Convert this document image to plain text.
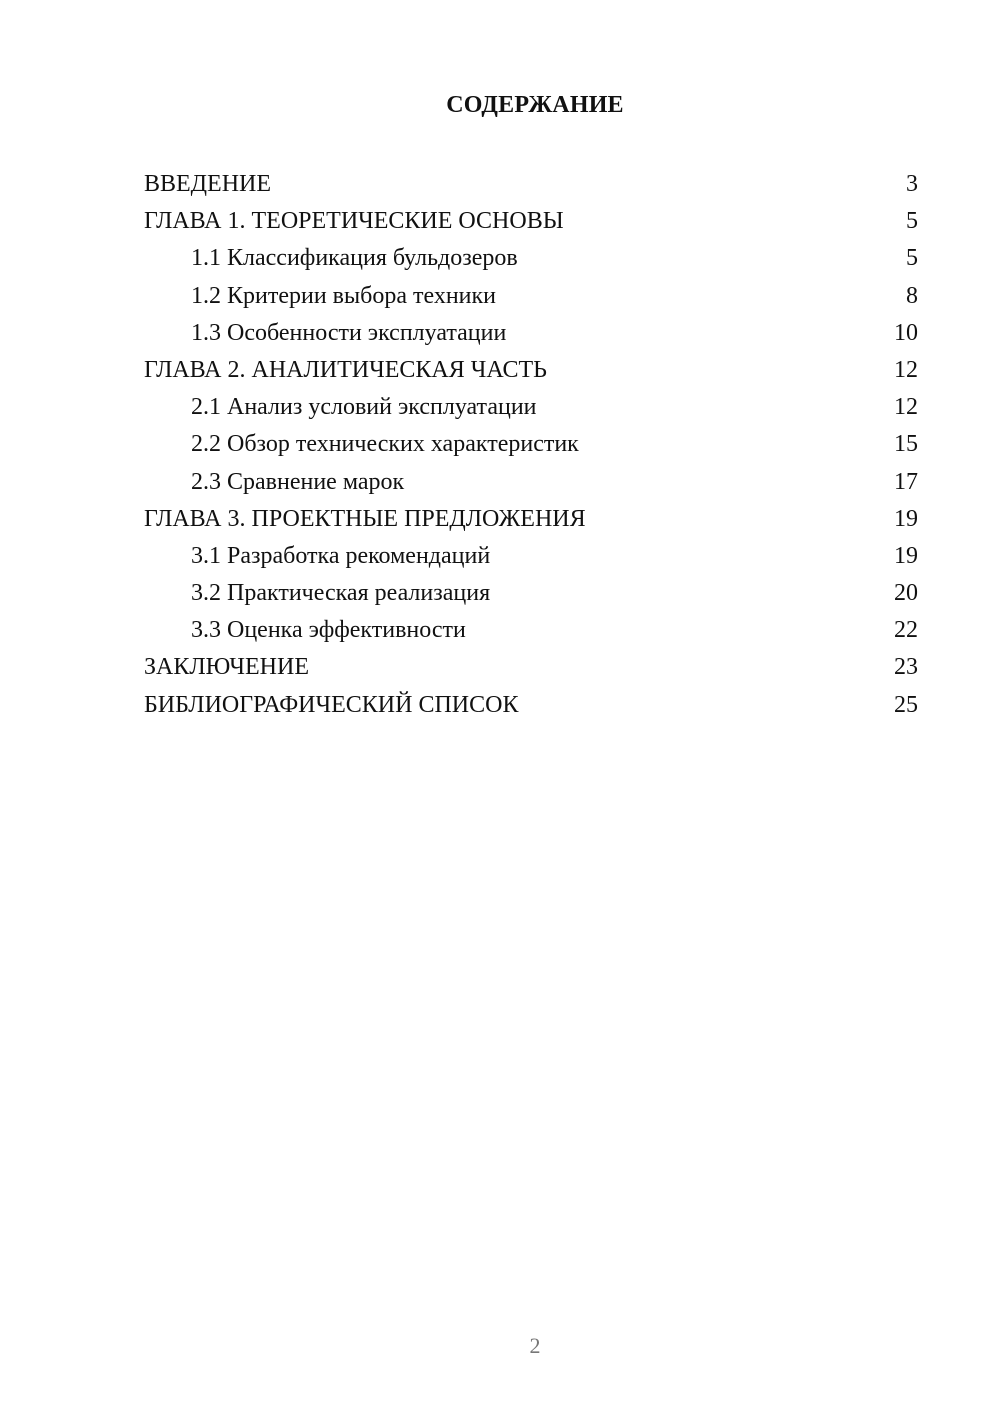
СОДЕРЖАНИЕ
ВВЕДЕНИЕ	3
ГЛАВА 1. ТЕОРЕТИЧЕСКИЕ ОСНОВЫ	5
1.1 Классификация бульдозеров	5
1.2 Критерии выбора техники	8
1.3 Особенности эксплуатации	10
ГЛАВА 2. АНАЛИТИЧЕСКАЯ ЧАСТЬ	12
2.1 Анализ условий эксплуатации	12
2.2 Обзор технических характеристик	15
2.3 Сравнение марок	17
ГЛАВА 3. ПРОЕКТНЫЕ ПРЕДЛОЖЕНИЯ	19
3.1 Разработка рекомендаций	19
3.2 Практическая реализация	20
3.3 Оценка эффективности	22
ЗАКЛЮЧЕНИЕ	23
БИБЛИОГРАФИЧЕСКИЙ СПИСОК	25
2
